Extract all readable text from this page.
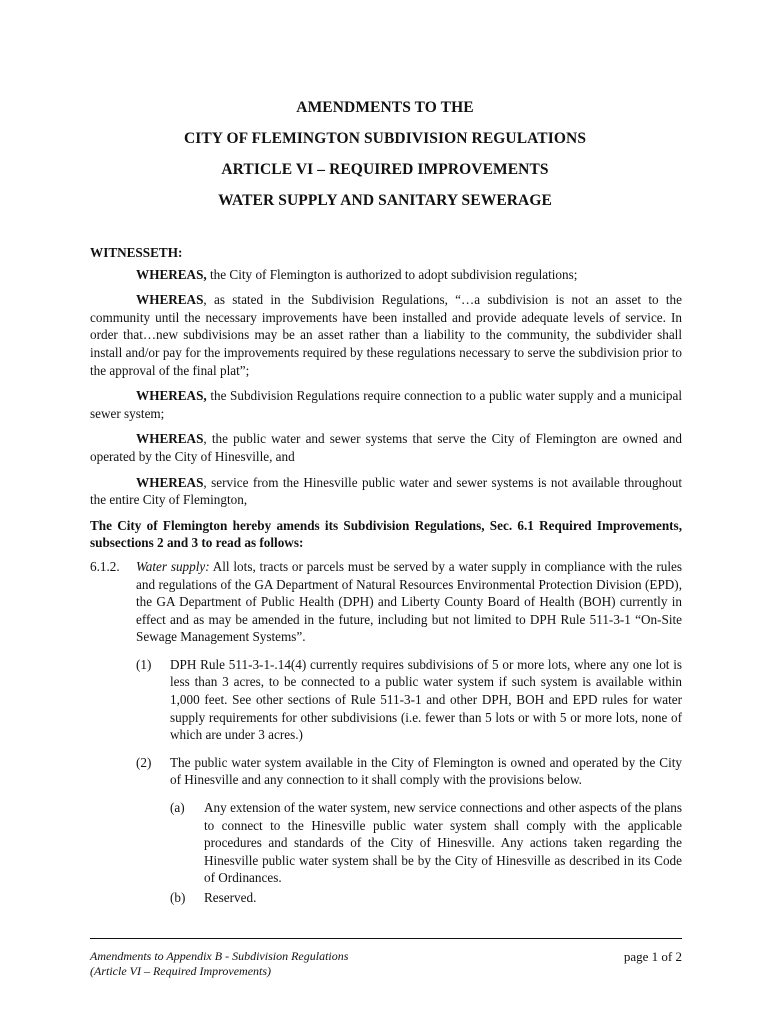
AMENDMENTS TO THE
CITY OF FLEMINGTON SUBDIVISION REGULATIONS
ARTICLE VI – REQUIRED IMPROVEMENTS
WATER SUPPLY AND SANITARY SEWERAGE
WITNESSETH:

WHEREAS, the City of Flemington is authorized to adopt subdivision regulations;

WHEREAS, as stated in the Subdivision Regulations, “…a subdivision is not an asset to the community until the necessary improvements have been installed and provide adequate levels of service. In order that…new subdivisions may be an asset rather than a liability to the community, the subdivider shall install and/or pay for the improvements required by these regulations necessary to serve the subdivision prior to the approval of the final plat”;

WHEREAS, the Subdivision Regulations require connection to a public water supply and a municipal sewer system;

WHEREAS, the public water and sewer systems that serve the City of Flemington are owned and operated by the City of Hinesville, and

WHEREAS, service from the Hinesville public water and sewer systems is not available throughout the entire City of Flemington,

The City of Flemington hereby amends its Subdivision Regulations, Sec. 6.1 Required Improvements, subsections 2 and 3 to read as follows:

6.1.2. Water supply: All lots, tracts or parcels must be served by a water supply in compliance with the rules and regulations of the GA Department of Natural Resources Environmental Protection Division (EPD), the GA Department of Public Health (DPH) and Liberty County Board of Health (BOH) currently in effect and as may be amended in the future, including but not limited to DPH Rule 511-3-1 “On-Site Sewage Management Systems”.
(1) DPH Rule 511-3-1-.14(4) currently requires subdivisions of 5 or more lots, where any one lot is less than 3 acres, to be connected to a public water system if such system is available within 1,000 feet. See other sections of Rule 511-3-1 and other DPH, BOH and EPD rules for water supply requirements for other subdivisions (i.e. fewer than 5 lots or with 5 or more lots, none of which are under 3 acres.)
(2) The public water system available in the City of Flemington is owned and operated by the City of Hinesville and any connection to it shall comply with the provisions below.
(a) Any extension of the water system, new service connections and other aspects of the plans to connect to the Hinesville public water system shall comply with the applicable procedures and standards of the City of Hinesville. Any actions taken regarding the Hinesville public water system shall be by the City of Hinesville as described in its Code of Ordinances.
(b) Reserved.
Amendments to Appendix B - Subdivision Regulations
(Article VI – Required Improvements)
page 1 of 2
